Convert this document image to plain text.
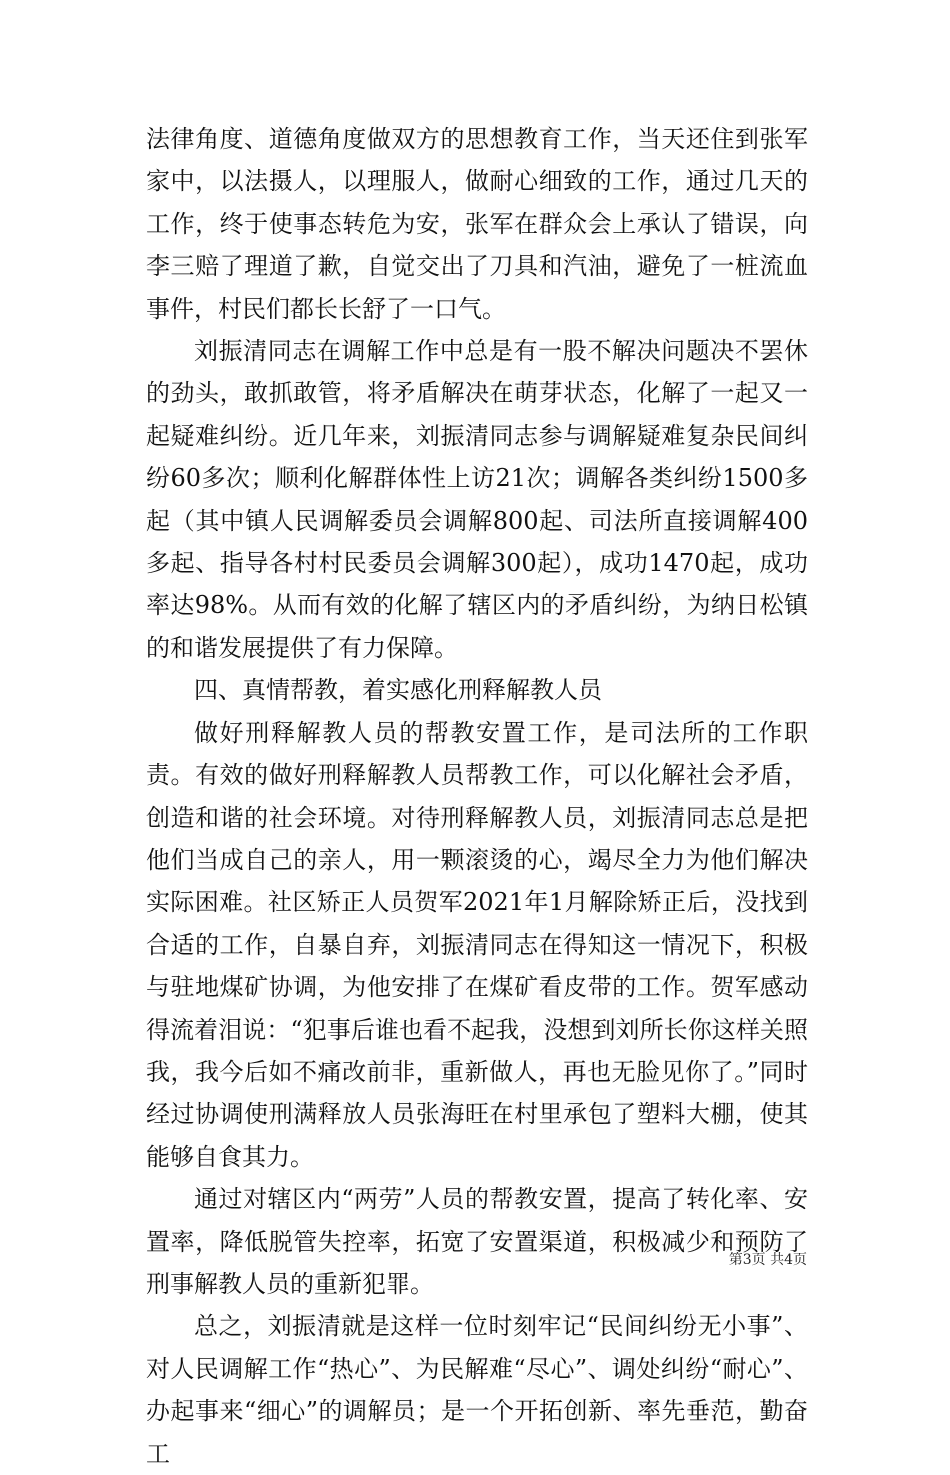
法律角度、道德角度做双方的思想教育工作，当天还住到张军家中，以法摄人，以理服人，做耐心细致的工作，通过几天的工作，终于使事态转危为安，张军在群众会上承认了错误，向李三赔了理道了歉，自觉交出了刀具和汽油，避免了一桩流血事件，村民们都长长舒了一口气。

刘振清同志在调解工作中总是有一股不解决问题决不罢休的劲头，敢抓敢管，将矛盾解决在萌芽状态，化解了一起又一起疑难纠纷。近几年来，刘振清同志参与调解疑难复杂民间纠纷60多次；顺利化解群体性上访21次；调解各类纠纷1500多起（其中镇人民调解委员会调解800起、司法所直接调解400多起、指导各村村民委员会调解300起），成功1470起，成功率达98%。从而有效的化解了辖区内的矛盾纠纷，为纳日松镇的和谐发展提供了有力保障。

四、真情帮教，着实感化刑释解教人员

做好刑释解教人员的帮教安置工作，是司法所的工作职责。有效的做好刑释解教人员帮教工作，可以化解社会矛盾，创造和谐的社会环境。对待刑释解教人员，刘振清同志总是把他们当成自己的亲人，用一颗滚烫的心，竭尽全力为他们解决实际困难。社区矫正人员贺军2021年1月解除矫正后，没找到合适的工作，自暴自弃，刘振清同志在得知这一情况下，积极与驻地煤矿协调，为他安排了在煤矿看皮带的工作。贺军感动得流着泪说：“犯事后谁也看不起我，没想到刘所长你这样关照我，我今后如不痛改前非，重新做人，再也无脸见你了。”同时经过协调使刑满释放人员张海旺在村里承包了塑料大棚，使其能够自食其力。

通过对辖区内“两劳”人员的帮教安置，提高了转化率、安置率，降低脱管失控率，拓宽了安置渠道，积极减少和预防了刑事解教人员的重新犯罪。

总之，刘振清就是这样一位时刻牢记“民间纠纷无小事”、对人民调解工作“热心”、为民解难“尽心”、调处纠纷“耐心”、办起事来“细心”的调解员；是一个开拓创新、率先垂范，勤奋工

第3页 共4页
